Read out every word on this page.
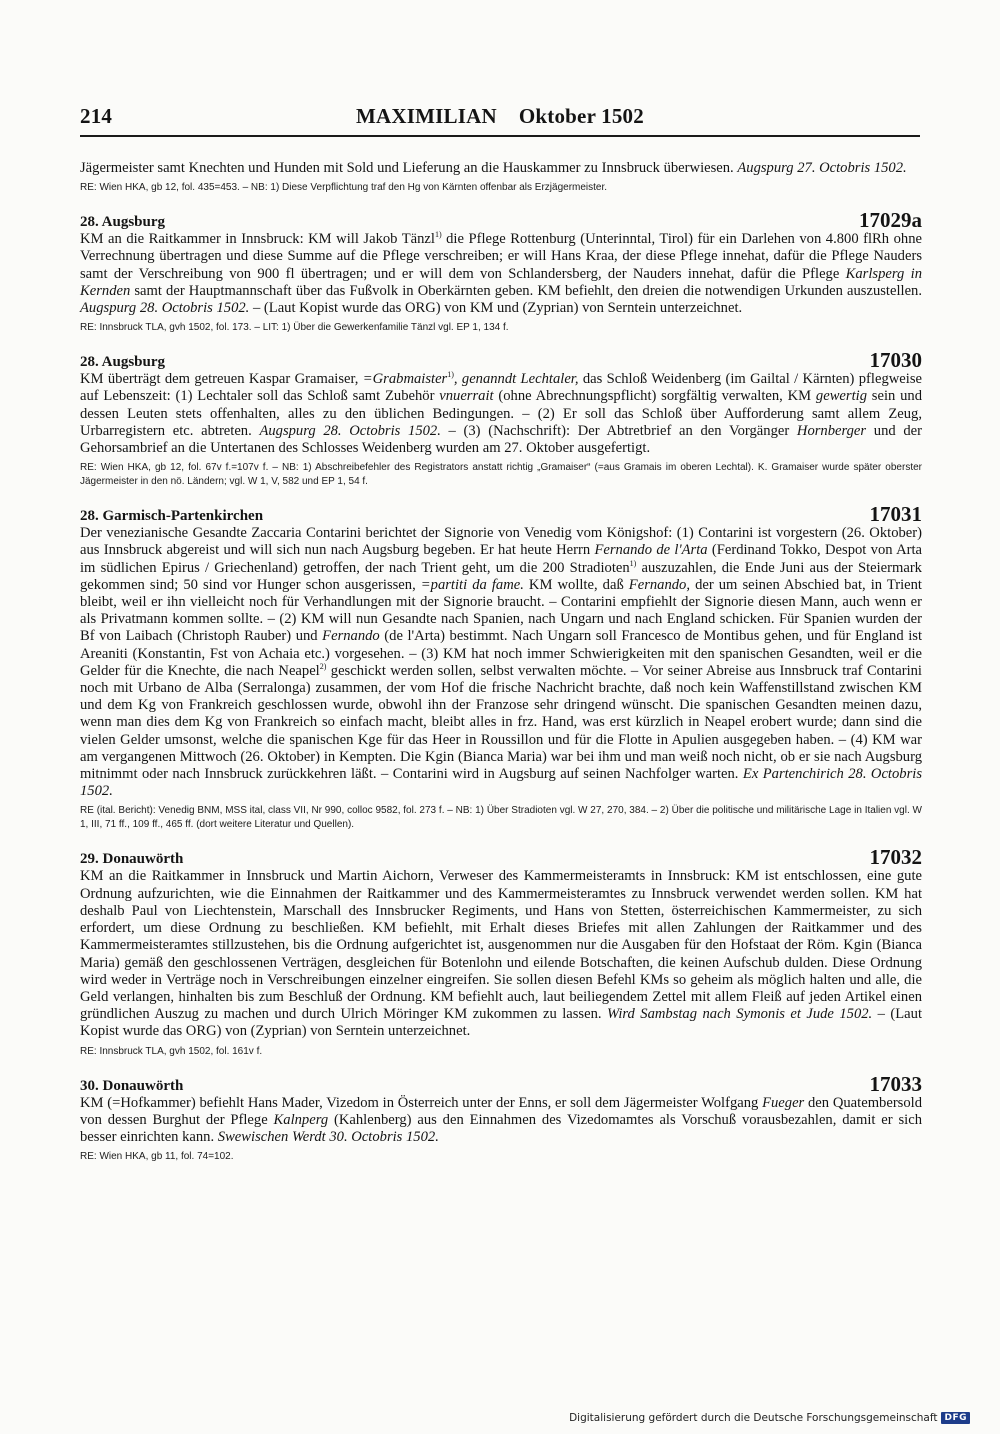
214	MAXIMILIAN Oktober 1502

Jägermeister samt Knechten und Hunden mit Sold und Lieferung an die Hauskammer zu Innsbruck überwiesen. Augspurg 27. Octobris 1502.

RE: Wien HKA, gb 12, fol. 435=453. – NB: 1) Diese Verpflichtung traf den Hg von Kärnten offenbar als Erzjägermeister.

28. Augsburg	17029a

KM an die Raitkammer in Innsbruck: KM will Jakob Tänzl$^{1)}$ die Pflege Rottenburg (Unterinntal, Tirol) für ein Darlehen von 4.800 flRh ohne Verrechnung übertragen und diese Summe auf die Pflege verschreiben; er will Hans Kraa, der diese Pflege innehat, dafür die Pflege Nauders samt der Verschreibung von 900 fl übertragen; und er will dem von Schlandersberg, der Nauders innehat, dafür die Pflege Karlsperg in Kernden samt der Hauptmannschaft über das Fußvolk in Oberkärnten geben. KM befiehlt, den dreien die notwendigen Urkunden auszustellen. Augspurg 28. Octobris 1502. – (Laut Kopist wurde das ORG) von KM und (Zyprian) von Serntein unterzeichnet.

RE: Innsbruck TLA, gvh 1502, fol. 173. – LIT: 1) Über die Gewerkenfamilie Tänzl vgl. EP 1, 134 f.

28. Augsburg	17030

KM überträgt dem getreuen Kaspar Gramaiser, =Grabmaister$^{1)}$, genanndt Lechtaler, das Schloß Weidenberg (im Gailtal / Kärnten) pflegweise auf Lebenszeit: (1) Lechtaler soll das Schloß samt Zubehör vnuerrait (ohne Abrechnungspflicht) sorgfältig verwalten, KM gewertig sein und dessen Leuten stets offenhalten, alles zu den üblichen Bedingungen. – (2) Er soll das Schloß über Aufforderung samt allem Zeug, Urbarregistern etc. abtreten. Augspurg 28. Octobris 1502. – (3) (Nachschrift): Der Abtretbrief an den Vorgänger Hornberger und der Gehorsambrief an die Untertanen des Schlosses Weidenberg wurden am 27. Oktober ausgefertigt.

RE: Wien HKA, gb 12, fol. 67v f.=107v f. – NB: 1) Abschreibefehler des Registrators anstatt richtig „Gramaiser“ (=aus Gramais im oberen Lechtal). K. Gramaiser wurde später oberster Jägermeister in den nö. Ländern; vgl. W 1, V, 582 und EP 1, 54 f.

28. Garmisch-Partenkirchen	17031

Der venezianische Gesandte Zaccaria Contarini berichtet der Signorie von Venedig vom Königshof: (1) Contarini ist vorgestern (26. Oktober) aus Innsbruck abgereist und will sich nun nach Augsburg begeben. Er hat heute Herrn Fernando de l'Arta (Ferdinand Tokko, Despot von Arta im südlichen Epirus / Griechenland) getroffen, der nach Trient geht, um die 200 Stradioten$^{1)}$ auszuzahlen, die Ende Juni aus der Steiermark gekommen sind; 50 sind vor Hunger schon ausgerissen, =partiti da fame. KM wollte, daß Fernando, der um seinen Abschied bat, in Trient bleibt, weil er ihn vielleicht noch für Verhandlungen mit der Signorie braucht. – Contarini empfiehlt der Signorie diesen Mann, auch wenn er als Privatmann kommen sollte. – (2) KM will nun Gesandte nach Spanien, nach Ungarn und nach England schicken. Für Spanien wurden der Bf von Laibach (Christoph Rauber) und Fernando (de l'Arta) bestimmt. Nach Ungarn soll Francesco de Montibus gehen, und für England ist Areaniti (Konstantin, Fst von Achaia etc.) vorgesehen. – (3) KM hat noch immer Schwierigkeiten mit den spanischen Gesandten, weil er die Gelder für die Knechte, die nach Neapel$^{2)}$ geschickt werden sollen, selbst verwalten möchte. – Vor seiner Abreise aus Innsbruck traf Contarini noch mit Urbano de Alba (Serralonga) zusammen, der vom Hof die frische Nachricht brachte, daß noch kein Waffenstillstand zwischen KM und dem Kg von Frankreich geschlossen wurde, obwohl ihn der Franzose sehr dringend wünscht. Die spanischen Gesandten meinen dazu, wenn man dies dem Kg von Frankreich so einfach macht, bleibt alles in frz. Hand, was erst kürzlich in Neapel erobert wurde; dann sind die vielen Gelder umsonst, welche die spanischen Kge für das Heer in Roussillon und für die Flotte in Apulien ausgegeben haben. – (4) KM war am vergangenen Mittwoch (26. Oktober) in Kempten. Die Kgin (Bianca Maria) war bei ihm und man weiß noch nicht, ob er sie nach Augsburg mitnimmt oder nach Innsbruck zurückkehren läßt. – Contarini wird in Augsburg auf seinen Nachfolger warten. Ex Partenchirich 28. Octobris 1502.

RE (ital. Bericht): Venedig BNM, MSS ital, class VII, Nr 990, colloc 9582, fol. 273 f. – NB: 1) Über Stradioten vgl. W 27, 270, 384. – 2) Über die politische und militärische Lage in Italien vgl. W 1, III, 71 ff., 109 ff., 465 ff. (dort weitere Literatur und Quellen).

29. Donauwörth	17032

KM an die Raitkammer in Innsbruck und Martin Aichorn, Verweser des Kammermeisteramts in Innsbruck: KM ist entschlossen, eine gute Ordnung aufzurichten, wie die Einnahmen der Raitkammer und des Kammermeisteramtes zu Innsbruck verwendet werden sollen. KM hat deshalb Paul von Liechtenstein, Marschall des Innsbrucker Regiments, und Hans von Stetten, österreichischen Kammermeister, zu sich erfordert, um diese Ordnung zu beschließen. KM befiehlt, mit Erhalt dieses Briefes mit allen Zahlungen der Raitkammer und des Kammermeisteramtes stillzustehen, bis die Ordnung aufgerichtet ist, ausgenommen nur die Ausgaben für den Hofstaat der Röm. Kgin (Bianca Maria) gemäß den geschlossenen Verträgen, desgleichen für Botenlohn und eilende Botschaften, die keinen Aufschub dulden. Diese Ordnung wird weder in Verträge noch in Verschreibungen einzelner eingreifen. Sie sollen diesen Befehl KMs so geheim als möglich halten und alle, die Geld verlangen, hinhalten bis zum Beschluß der Ordnung. KM befiehlt auch, laut beiliegendem Zettel mit allem Fleiß auf jeden Artikel einen gründlichen Auszug zu machen und durch Ulrich Möringer KM zukommen zu lassen. Wird Sambstag nach Symonis et Jude 1502. – (Laut Kopist wurde das ORG) von (Zyprian) von Serntein unterzeichnet.

RE: Innsbruck TLA, gvh 1502, fol. 161v f.

30. Donauwörth	17033

KM (=Hofkammer) befiehlt Hans Mader, Vizedom in Österreich unter der Enns, er soll dem Jägermeister Wolfgang Fueger den Quatembersold von dessen Burghut der Pflege Kalnperg (Kahlenberg) aus den Einnahmen des Vizedomamtes als Vorschuß vorausbezahlen, damit er sich besser einrichten kann. Swewischen Werdt 30. Octobris 1502.

RE: Wien HKA, gb 11, fol. 74=102.

Digitalisierung gefördert durch die Deutsche Forschungsgemeinschaft DFG
